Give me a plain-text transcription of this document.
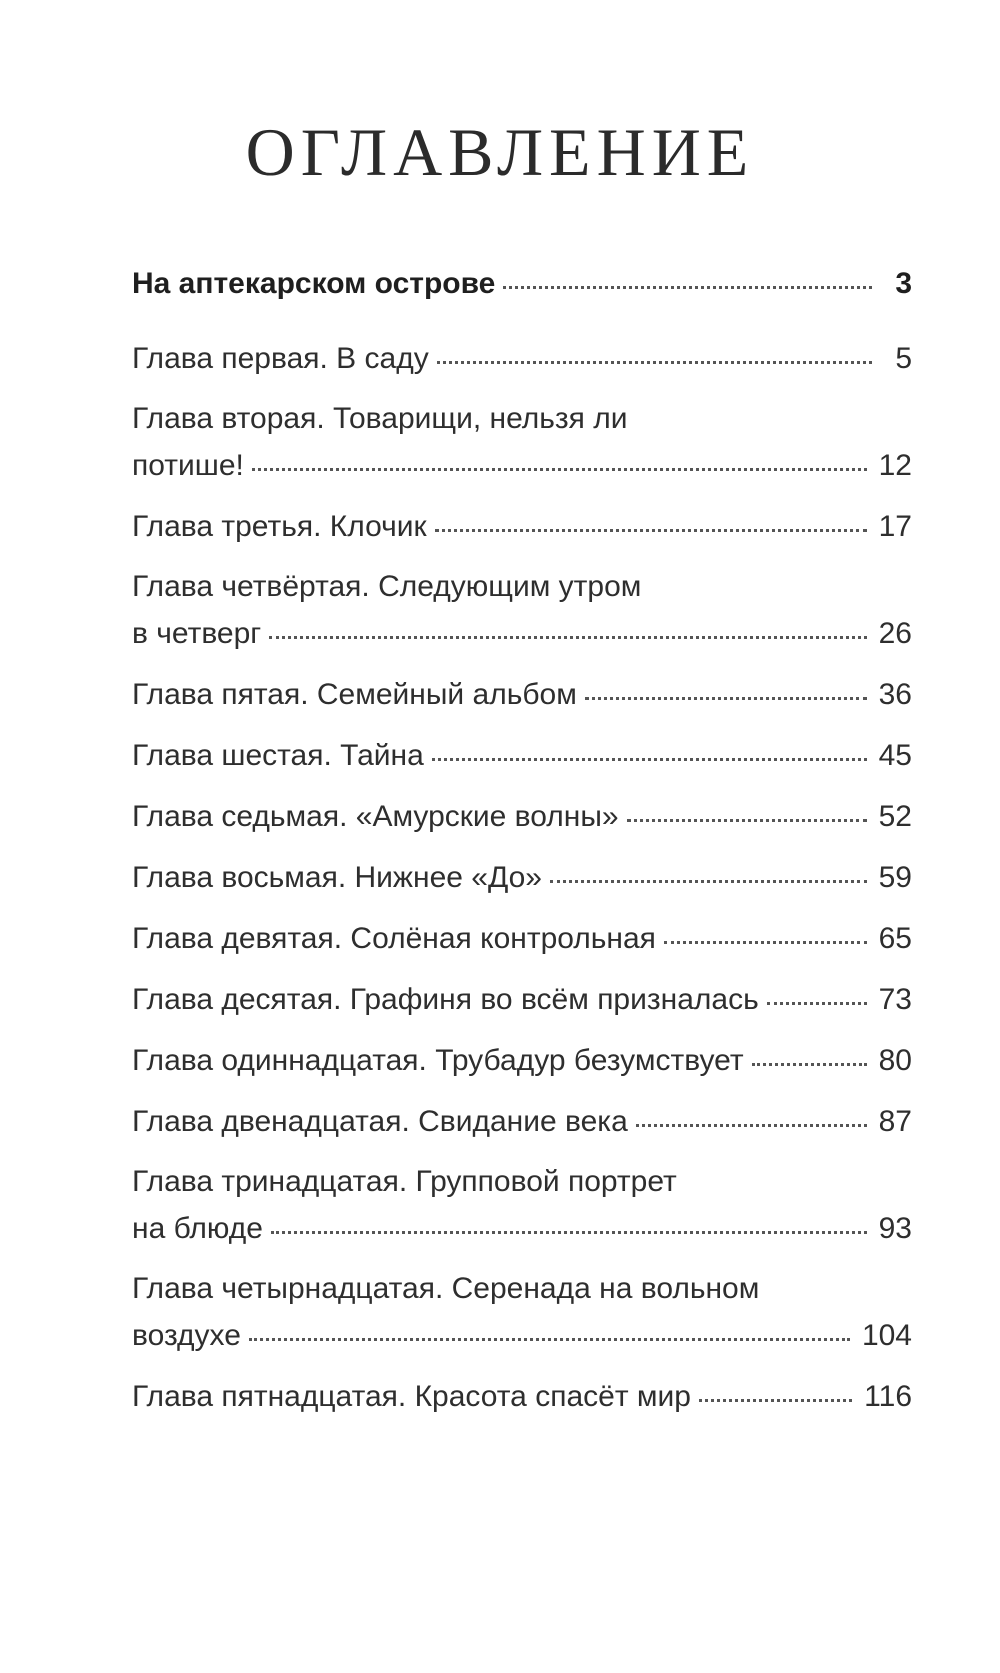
ОГЛАВЛЕНИЕ
На аптекарском острове	3
Глава первая. В саду	5
Глава вторая. Товарищи, нельзя ли
потише!	12
Глава третья. Клочик	17
Глава четвёртая. Следующим утром
в четверг	26
Глава пятая. Семейный альбом	36
Глава шестая. Тайна	45
Глава седьмая. «Амурские волны»	52
Глава восьмая. Нижнее «До»	59
Глава девятая. Солёная контрольная	65
Глава десятая. Графиня во всём призналась	73
Глава одиннадцатая. Трубадур безумствует	80
Глава двенадцатая. Свидание века	87
Глава тринадцатая. Групповой портрет
на блюде	93
Глава четырнадцатая. Серенада на вольном
воздухе	104
Глава пятнадцатая. Красота спасёт мир	116
